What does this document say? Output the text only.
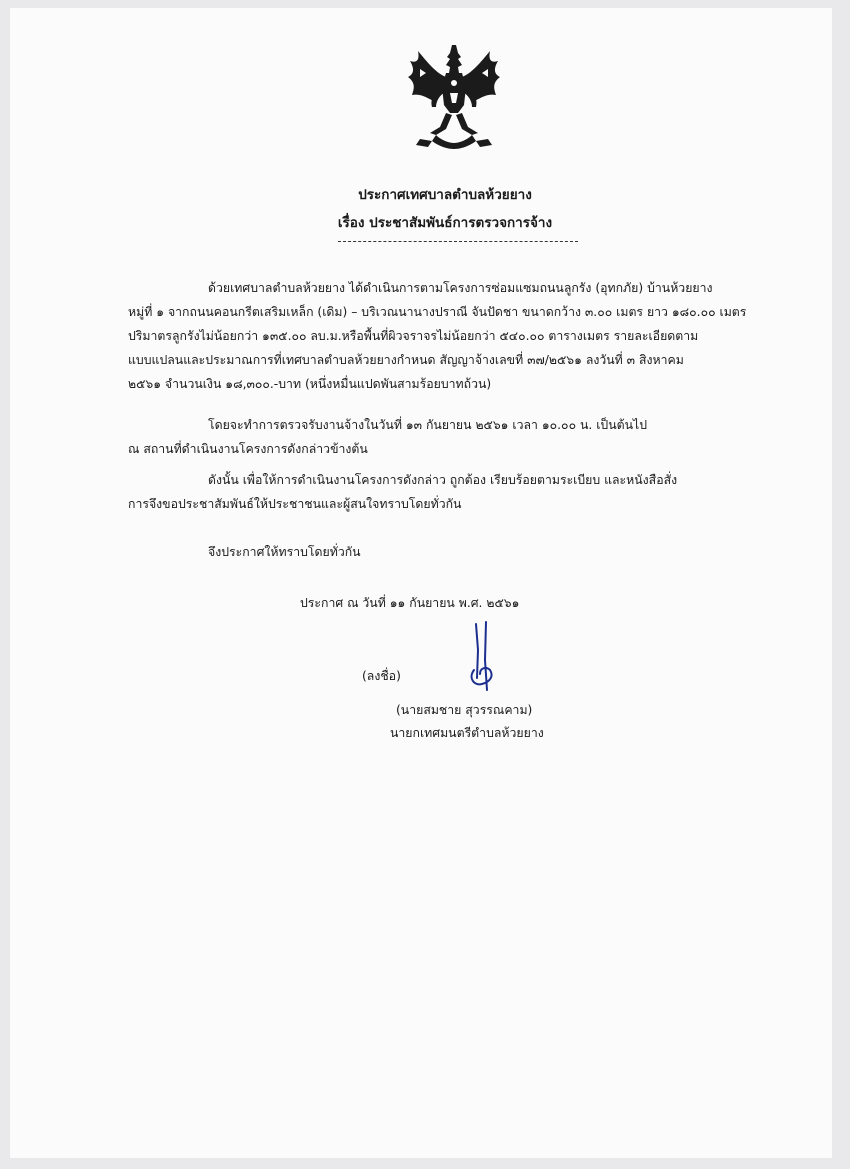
ประกาศเทศบาลตำบลห้วยยาง
เรื่อง ประชาสัมพันธ์การตรวจการจ้าง
ด้วยเทศบาลตำบลห้วยยาง ได้ดำเนินการตามโครงการซ่อมแซมถนนลูกรัง (อุทกภัย) บ้านห้วยยาง
หมู่ที่ ๑ จากถนนคอนกรีตเสริมเหล็ก (เดิม) – บริเวณนานางปราณี จันปัดชา ขนาดกว้าง ๓.๐๐ เมตร ยาว ๑๘๐.๐๐ เมตร
ปริมาตรลูกรังไม่น้อยกว่า ๑๓๕.๐๐ ลบ.ม.หรือพื้นที่ผิวจราจรไม่น้อยกว่า ๕๔๐.๐๐ ตารางเมตร รายละเอียดตาม
แบบแปลนและประมาณการที่เทศบาลตำบลห้วยยางกำหนด สัญญาจ้างเลขที่ ๓๗/๒๕๖๑ ลงวันที่ ๓ สิงหาคม
๒๕๖๑ จำนวนเงิน ๑๘,๓๐๐.-บาท (หนึ่งหมื่นแปดพันสามร้อยบาทถ้วน)
โดยจะทำการตรวจรับงานจ้างในวันที่ ๑๓ กันยายน ๒๕๖๑ เวลา ๑๐.๐๐ น. เป็นต้นไป
ณ สถานที่ดำเนินงานโครงการดังกล่าวข้างต้น
ดังนั้น เพื่อให้การดำเนินงานโครงการดังกล่าว ถูกต้อง เรียบร้อยตามระเบียบ และหนังสือสั่ง
การจึงขอประชาสัมพันธ์ให้ประชาชนและผู้สนใจทราบโดยทั่วกัน
จึงประกาศให้ทราบโดยทั่วกัน
ประกาศ ณ วันที่ ๑๑ กันยายน พ.ศ. ๒๕๖๑
(ลงชื่อ)
(นายสมชาย สุวรรณคาม)
นายกเทศมนตรีตำบลห้วยยาง
